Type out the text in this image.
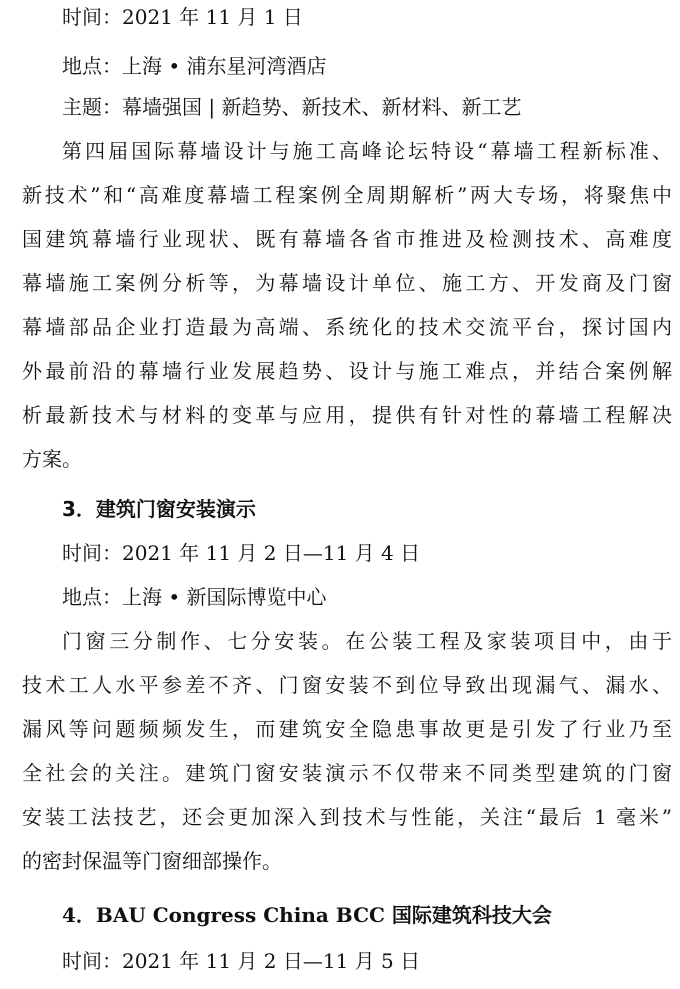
时间：2021 年 11 月 1 日
地点：上海 • 浦东星河湾酒店
主题：幕墙强国 | 新趋势、新技术、新材料、新工艺
第四届国际幕墙设计与施工高峰论坛特设“幕墙工程新标准、
新技术”和“高难度幕墙工程案例全周期解析”两大专场，将聚焦中
国建筑幕墙行业现状、既有幕墙各省市推进及检测技术、高难度
幕墙施工案例分析等，为幕墙设计单位、施工方、开发商及门窗
幕墙部品企业打造最为高端、系统化的技术交流平台，探讨国内
外最前沿的幕墙行业发展趋势、设计与施工难点，并结合案例解
析最新技术与材料的变革与应用，提供有针对性的幕墙工程解决
方案。
3．建筑门窗安装演示
时间：2021 年 11 月 2 日—11 月 4 日
地点：上海 • 新国际博览中心
门窗三分制作、七分安装。在公装工程及家装项目中，由于
技术工人水平参差不齐、门窗安装不到位导致出现漏气、漏水、
漏风等问题频频发生，而建筑安全隐患事故更是引发了行业乃至
全社会的关注。建筑门窗安装演示不仅带来不同类型建筑的门窗
安装工法技艺，还会更加深入到技术与性能，关注“最后 1 毫米”
的密封保温等门窗细部操作。
4．BAU Congress China BCC 国际建筑科技大会
时间：2021 年 11 月 2 日—11 月 5 日
